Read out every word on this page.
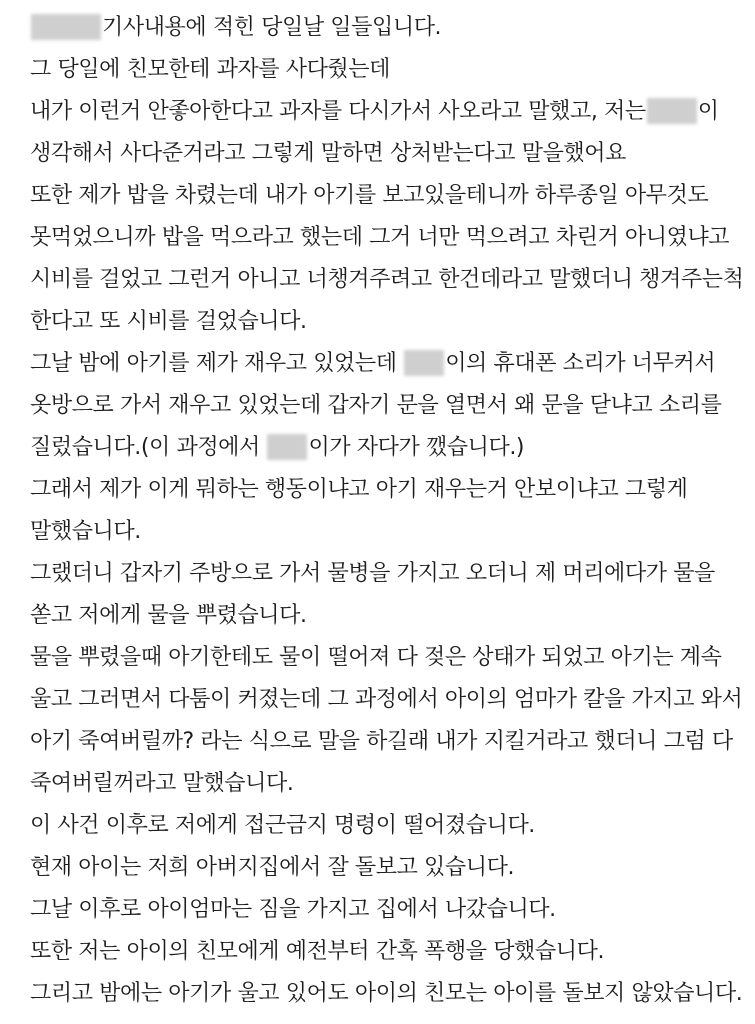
기사내용에 적힌 당일날 일들입니다.
그 당일에 친모한테 과자를 사다줬는데
내가 이런거 안좋아한다고 과자를 다시가서 사오라고 말했고, 저는 이
생각해서 사다준거라고 그렇게 말하면 상처받는다고 말을했어요
또한 제가 밥을 차렸는데 내가 아기를 보고있을테니까 하루종일 아무것도
못먹었으니까 밥을 먹으라고 했는데 그거 너만 먹으려고 차린거 아니였냐고
시비를 걸었고 그런거 아니고 너챙겨주려고 한건데라고 말했더니 챙겨주는척
한다고 또 시비를 걸었습니다.
그날 밤에 아기를 제가 재우고 있었는데 이의 휴대폰 소리가 너무커서
옷방으로 가서 재우고 있었는데 갑자기 문을 열면서 왜 문을 닫냐고 소리를
질렀습니다.(이 과정에서 이가 자다가 깼습니다.)
그래서 제가 이게 뭐하는 행동이냐고 아기 재우는거 안보이냐고 그렇게
말했습니다.
그랬더니 갑자기 주방으로 가서 물병을 가지고 오더니 제 머리에다가 물을
쏟고 저에게 물을 뿌렸습니다.
물을 뿌렸을때 아기한테도 물이 떨어져 다 젖은 상태가 되었고 아기는 계속
울고 그러면서 다툼이 커졌는데 그 과정에서 아이의 엄마가 칼을 가지고 와서
아기 죽여버릴까? 라는 식으로 말을 하길래 내가 지킬거라고 했더니 그럼 다
죽여버릴꺼라고 말했습니다.
이 사건 이후로 저에게 접근금지 명령이 떨어졌습니다.
현재 아이는 저희 아버지집에서 잘 돌보고 있습니다.
그날 이후로 아이엄마는 짐을 가지고 집에서 나갔습니다.
또한 저는 아이의 친모에게 예전부터 간혹 폭행을 당했습니다.
그리고 밤에는 아기가 울고 있어도 아이의 친모는 아이를 돌보지 않았습니다.
